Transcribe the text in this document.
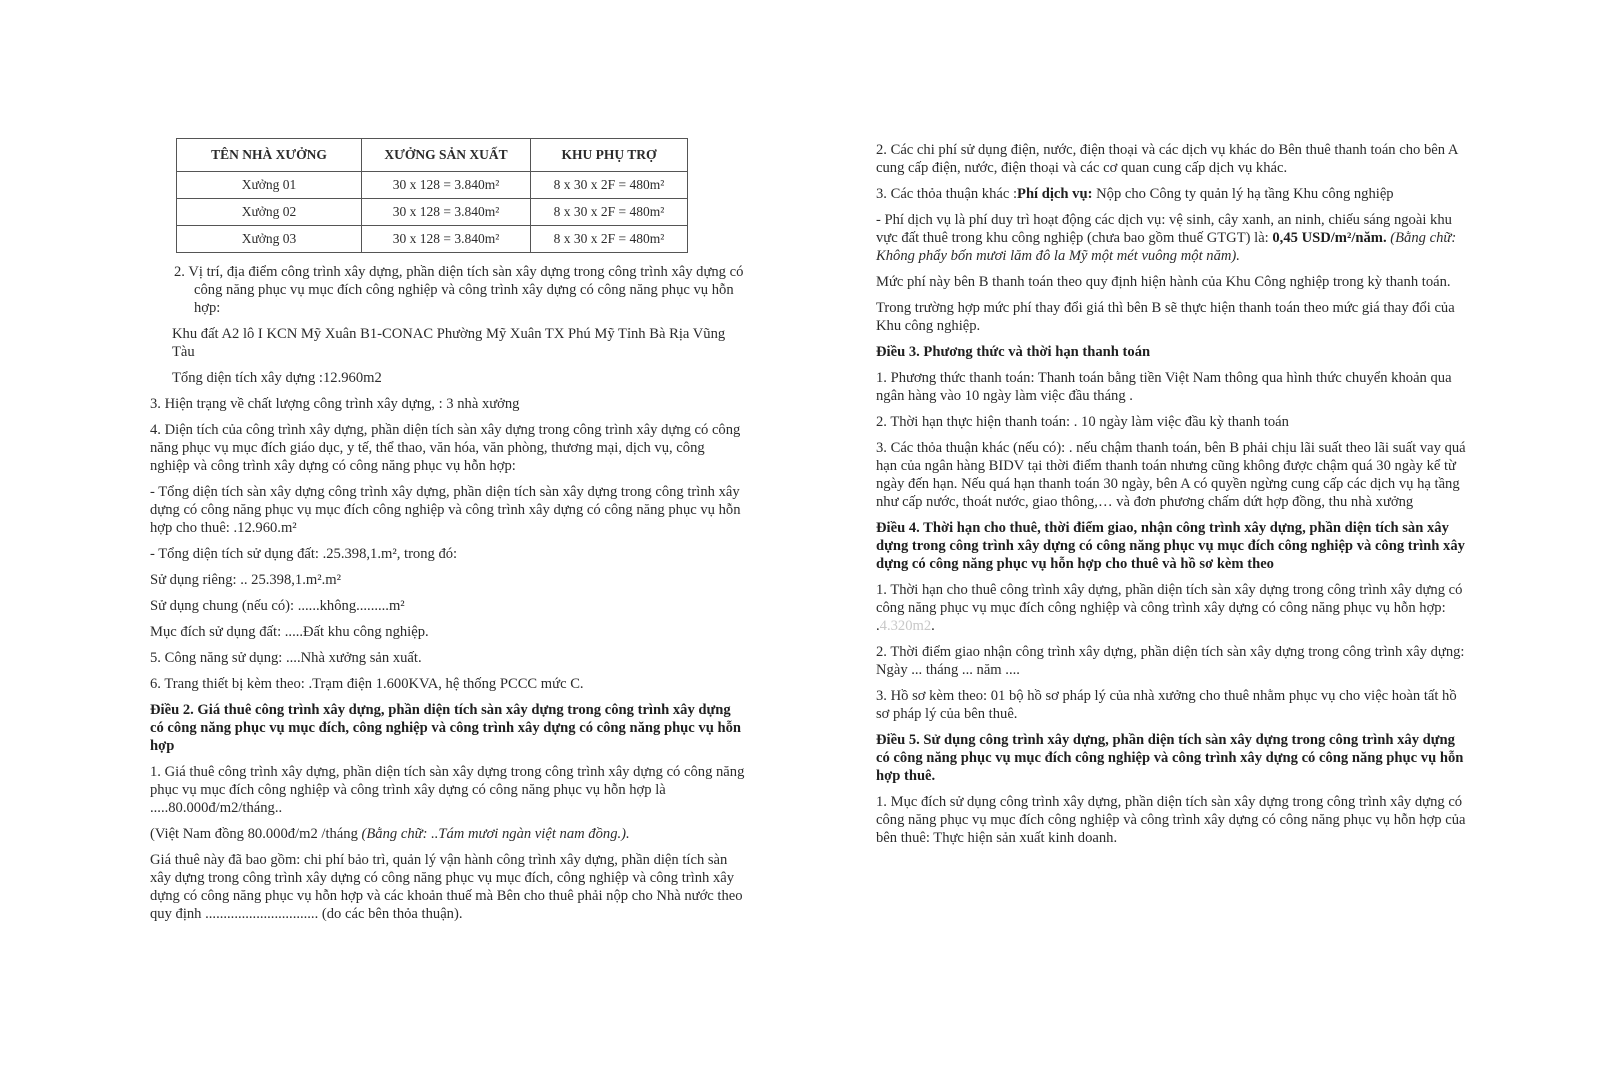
TÊN NHÀ XƯỞNG	XƯỞNG SẢN XUẤT	KHU PHỤ TRỢ
Xưởng 01	30 x 128 = 3.840m²	8 x 30 x 2F = 480m²
Xưởng 02	30 x 128 = 3.840m²	8 x 30 x 2F = 480m²
Xưởng 03	30 x 128 = 3.840m²	8 x 30 x 2F = 480m²

2. Vị trí, địa điểm công trình xây dựng, phần diện tích sàn xây dựng trong công trình xây dựng có công năng phục vụ mục đích công nghiệp và công trình xây dựng có công năng phục vụ hỗn hợp:

Khu đất A2 lô I KCN Mỹ Xuân B1-CONAC Phường Mỹ Xuân TX Phú Mỹ Tỉnh Bà Rịa Vũng Tàu

Tổng diện tích xây dựng :12.960m2

3. Hiện trạng về chất lượng công trình xây dựng, : 3 nhà xưởng

4. Diện tích của công trình xây dựng, phần diện tích sàn xây dựng trong công trình xây dựng có công năng phục vụ mục đích giáo dục, y tế, thể thao, văn hóa, văn phòng, thương mại, dịch vụ, công nghiệp và công trình xây dựng có công năng phục vụ hỗn hợp:

- Tổng diện tích sàn xây dựng công trình xây dựng, phần diện tích sàn xây dựng trong công trình xây dựng có công năng phục vụ mục đích công nghiệp và công trình xây dựng có công năng phục vụ hỗn hợp cho thuê: .12.960.m²

- Tổng diện tích sử dụng đất: .25.398,1.m², trong đó:

Sử dụng riêng: .. 25.398,1.m².m²

Sử dụng chung (nếu có): ......không.........m²

Mục đích sử dụng đất: .....Đất khu công nghiệp.

5. Công năng sử dụng: ....Nhà xưởng sản xuất.

6. Trang thiết bị kèm theo: .Trạm điện 1.600KVA, hệ thống PCCC mức C.

Điều 2. Giá thuê công trình xây dựng, phần diện tích sàn xây dựng trong công trình xây dựng có công năng phục vụ mục đích, công nghiệp và công trình xây dựng có công năng phục vụ hỗn hợp

1. Giá thuê công trình xây dựng, phần diện tích sàn xây dựng trong công trình xây dựng có công năng phục vụ mục đích công nghiệp và công trình xây dựng có công năng phục vụ hỗn hợp là .....80.000đ/m2/tháng..

(Việt Nam đồng 80.000đ/m2 /tháng (Bằng chữ: ..Tám mươi ngàn việt nam đồng.).

Giá thuê này đã bao gồm: chi phí bảo trì, quản lý vận hành công trình xây dựng, phần diện tích sàn xây dựng trong công trình xây dựng có công năng phục vụ mục đích, công nghiệp và công trình xây dựng có công năng phục vụ hỗn hợp và các khoản thuế mà Bên cho thuê phải nộp cho Nhà nước theo quy định ............................... (do các bên thỏa thuận).

2. Các chi phí sử dụng điện, nước, điện thoại và các dịch vụ khác do Bên thuê thanh toán cho bên A cung cấp điện, nước, điện thoại và các cơ quan cung cấp dịch vụ khác.

3. Các thỏa thuận khác :Phí dịch vụ: Nộp cho Công ty quản lý hạ tầng Khu công nghiệp

- Phí dịch vụ là phí duy trì hoạt động các dịch vụ: vệ sinh, cây xanh, an ninh, chiếu sáng ngoài khu vực đất thuê trong khu công nghiệp (chưa bao gồm thuế GTGT) là: 0,45 USD/m²/năm. (Bằng chữ: Không phẩy bốn mươi lăm đô la Mỹ một mét vuông một năm).

Mức phí này bên B thanh toán theo quy định hiện hành của Khu Công nghiệp trong kỳ thanh toán.

Trong trường hợp mức phí thay đổi giá thì bên B sẽ thực hiện thanh toán theo mức giá thay đổi của Khu công nghiệp.

Điều 3. Phương thức và thời hạn thanh toán

1. Phương thức thanh toán: Thanh toán bằng tiền Việt Nam thông qua hình thức chuyển khoản qua ngân hàng vào 10 ngày làm việc đầu tháng .

2. Thời hạn thực hiện thanh toán: . 10 ngày làm việc đầu kỳ thanh toán

3. Các thỏa thuận khác (nếu có): . nếu chậm thanh toán, bên B phải chịu lãi suất theo lãi suất vay quá hạn của ngân hàng BIDV tại thời điểm thanh toán nhưng cũng không được chậm quá 30 ngày kể từ ngày đến hạn. Nếu quá hạn thanh toán 30 ngày, bên A có quyền ngừng cung cấp các dịch vụ hạ tầng như cấp nước, thoát nước, giao thông,… và đơn phương chấm dứt hợp đồng, thu nhà xưởng

Điều 4. Thời hạn cho thuê, thời điểm giao, nhận công trình xây dựng, phần diện tích sàn xây dựng trong công trình xây dựng có công năng phục vụ mục đích công nghiệp và công trình xây dựng có công năng phục vụ hỗn hợp cho thuê và hồ sơ kèm theo

1. Thời hạn cho thuê công trình xây dựng, phần diện tích sàn xây dựng trong công trình xây dựng có công năng phục vụ mục đích công nghiệp và công trình xây dựng có công năng phục vụ hỗn hợp: .4.320m2.

2. Thời điểm giao nhận công trình xây dựng, phần diện tích sàn xây dựng trong công trình xây dựng: Ngày ... tháng ... năm ....

3. Hồ sơ kèm theo: 01 bộ hồ sơ pháp lý của nhà xưởng cho thuê nhằm phục vụ cho việc hoàn tất hồ sơ pháp lý của bên thuê.

Điều 5. Sử dụng công trình xây dựng, phần diện tích sàn xây dựng trong công trình xây dựng có công năng phục vụ mục đích công nghiệp và công trình xây dựng có công năng phục vụ hỗn hợp thuê.

1. Mục đích sử dụng công trình xây dựng, phần diện tích sàn xây dựng trong công trình xây dựng có công năng phục vụ mục đích công nghiệp và công trình xây dựng có công năng phục vụ hỗn hợp của bên thuê: Thực hiện sản xuất kinh doanh.
